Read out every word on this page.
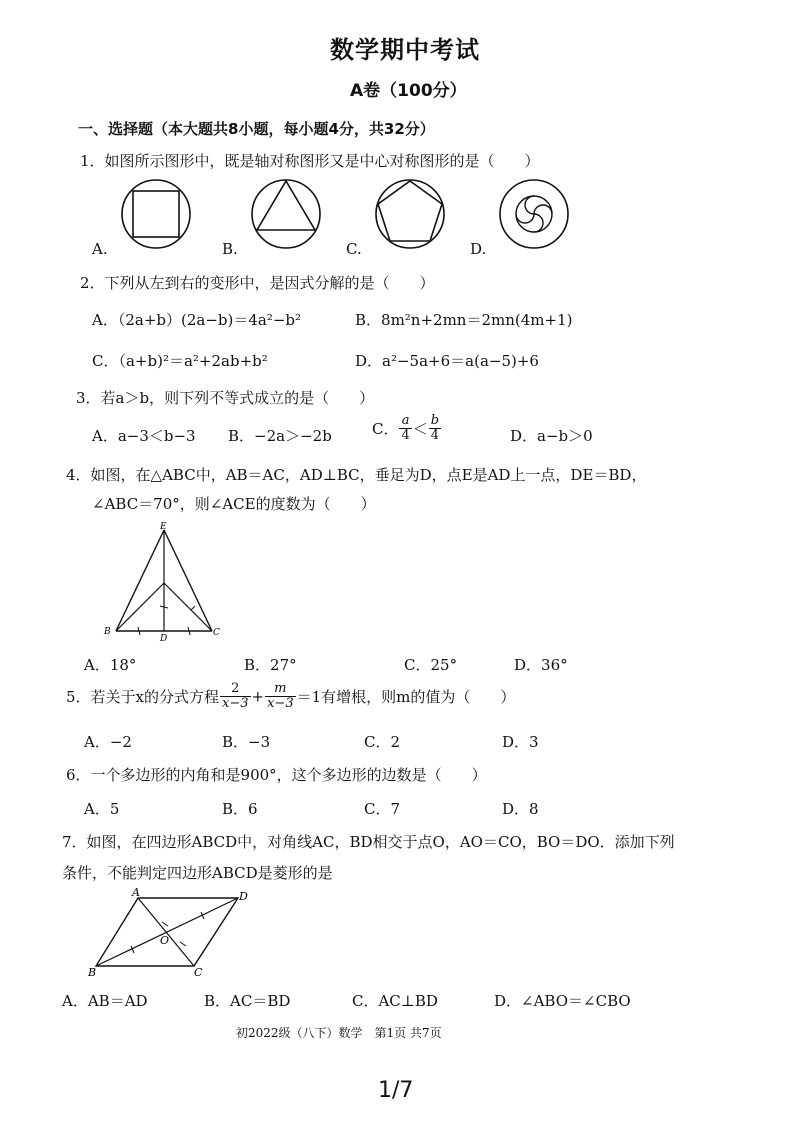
数学期中考试
A卷（100分）
一、选择题（本大题共8小题，每小题4分，共32分）
1．如图所示图形中，既是轴对称图形又是中心对称图形的是（　　）
A.	B.	C.	D.
2．下列从左到右的变形中，是因式分解的是（　　）
A．（2a+b）(2a−b)＝4a²−b²	B．8m²n+2mn＝2mn(4m+1)
C．（a+b)²＝a²+2ab+b²	D．a²−5a+6＝a(a−5)+6
3．若a＞b，则下列不等式成立的是（　　）
A．a−3＜b−3 B．−2a＞−2b	C． $\frac{a}{4} < \frac{b}{4}$	D．a−b＞0
4．如图，在△ABC中，AB＝AC，AD⊥BC，垂足为D，点E是AD上一点，DE＝BD，
∠ABC＝70°，则∠ACE的度数为（　　）
E
B
D
C
A．18°	B．27°	C．25°	D．36°
5．若关于x的分式方程 $\frac{2}{x-3} + \frac{m}{x-3} =1$有增根，则m的值为（　　）
A．−2	B．−3	C．2	D．3
6．一个多边形的内角和是900°，这个多边形的边数是（　　）
A．5	B．6	C．7	D．8
7．如图，在四边形ABCD中，对角线AC，BD相交于点O，AO＝CO，BO＝DO．添加下列
条件，不能判定四边形ABCD是菱形的是
A	D
B	C
O
A．AB＝AD	B．AC＝BD	C．AC⊥BD	D．∠ABO＝∠CBO
初2022级（八下）数学　第1页 共7页
1/7
